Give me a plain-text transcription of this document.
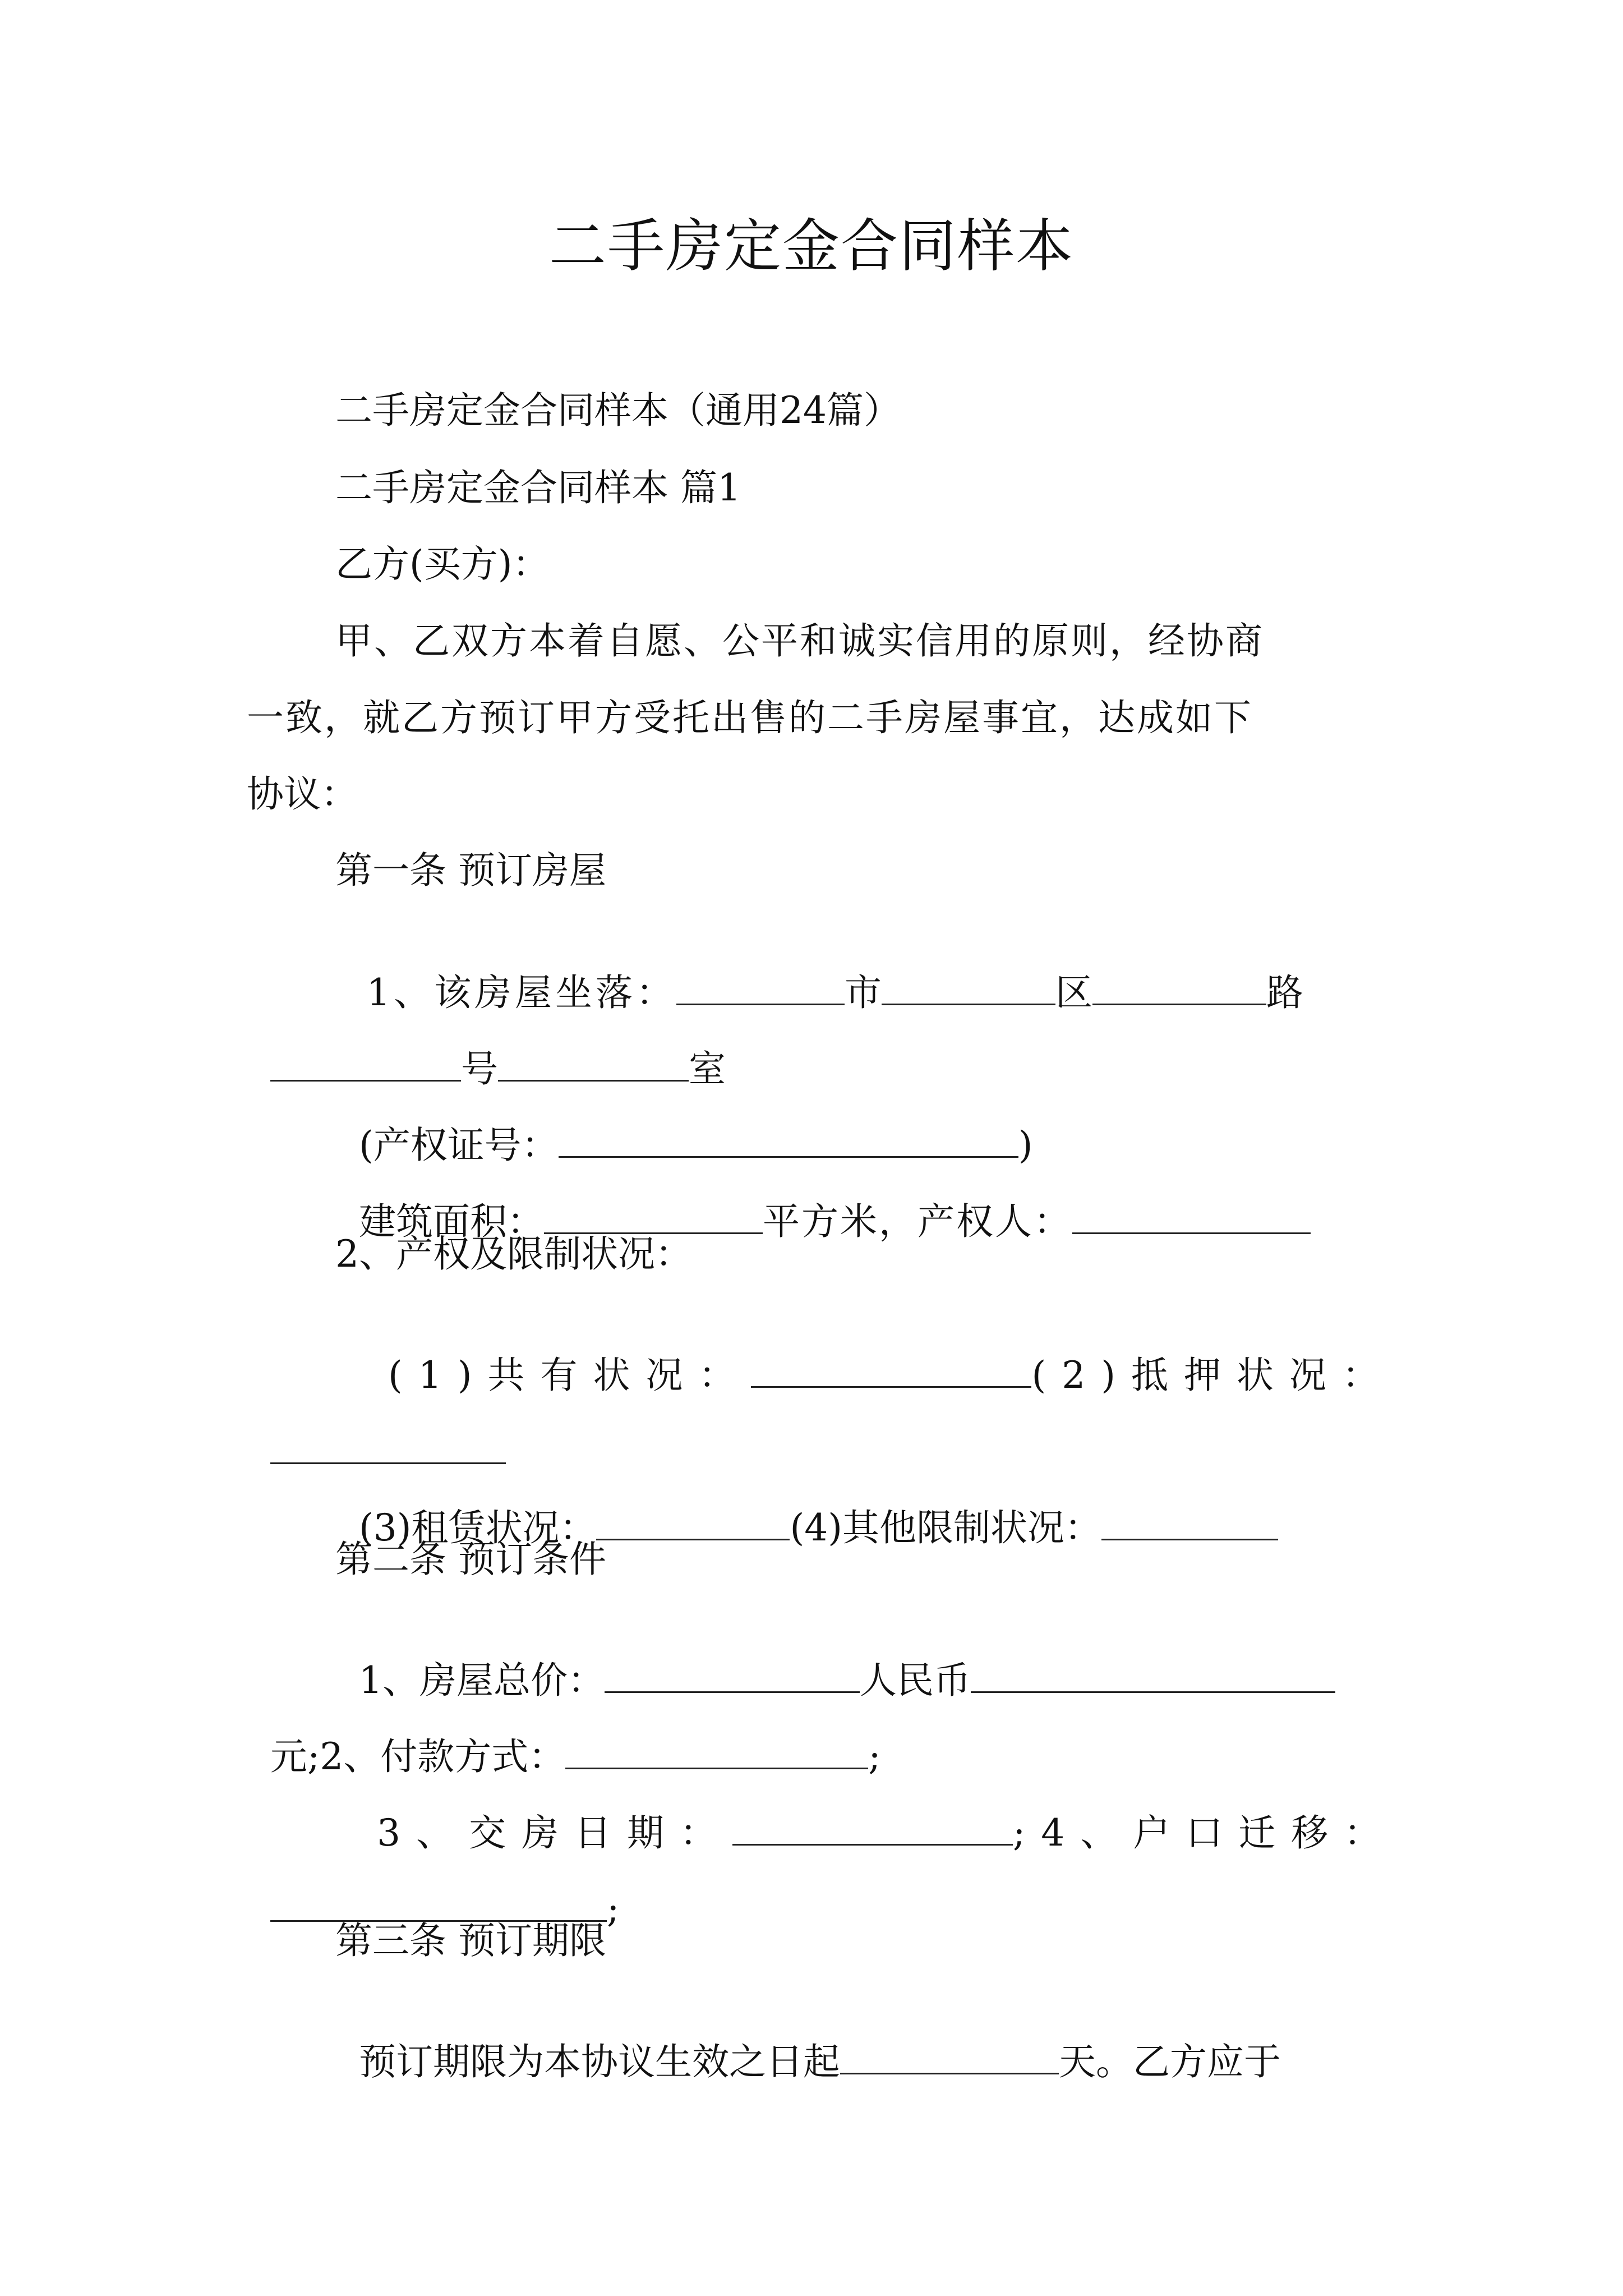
二手房定金合同样本
二手房定金合同样本（通用24篇）
二手房定金合同样本 篇1
乙方(买方)：
甲、乙双方本着自愿、公平和诚实信用的原则，经协商
一致，就乙方预订甲方受托出售的二手房屋事宜，达成如下
协议：
第一条 预订房屋

1、该房屋坐落：	市	区	路

号	室

(产权证号：	)

建筑面积：	平方米，产权人：

2、产权及限制状况：

(1)共有状况：	(2)抵押状况：

(3)租赁状况：	(4)其他限制状况：

第二条 预订条件

1、房屋总价：	人民币

元;2、付款方式：	;

3、交房日期：	;4、户口迁移：

;

第三条 预订期限

预订期限为本协议生效之日起	天。乙方应于
